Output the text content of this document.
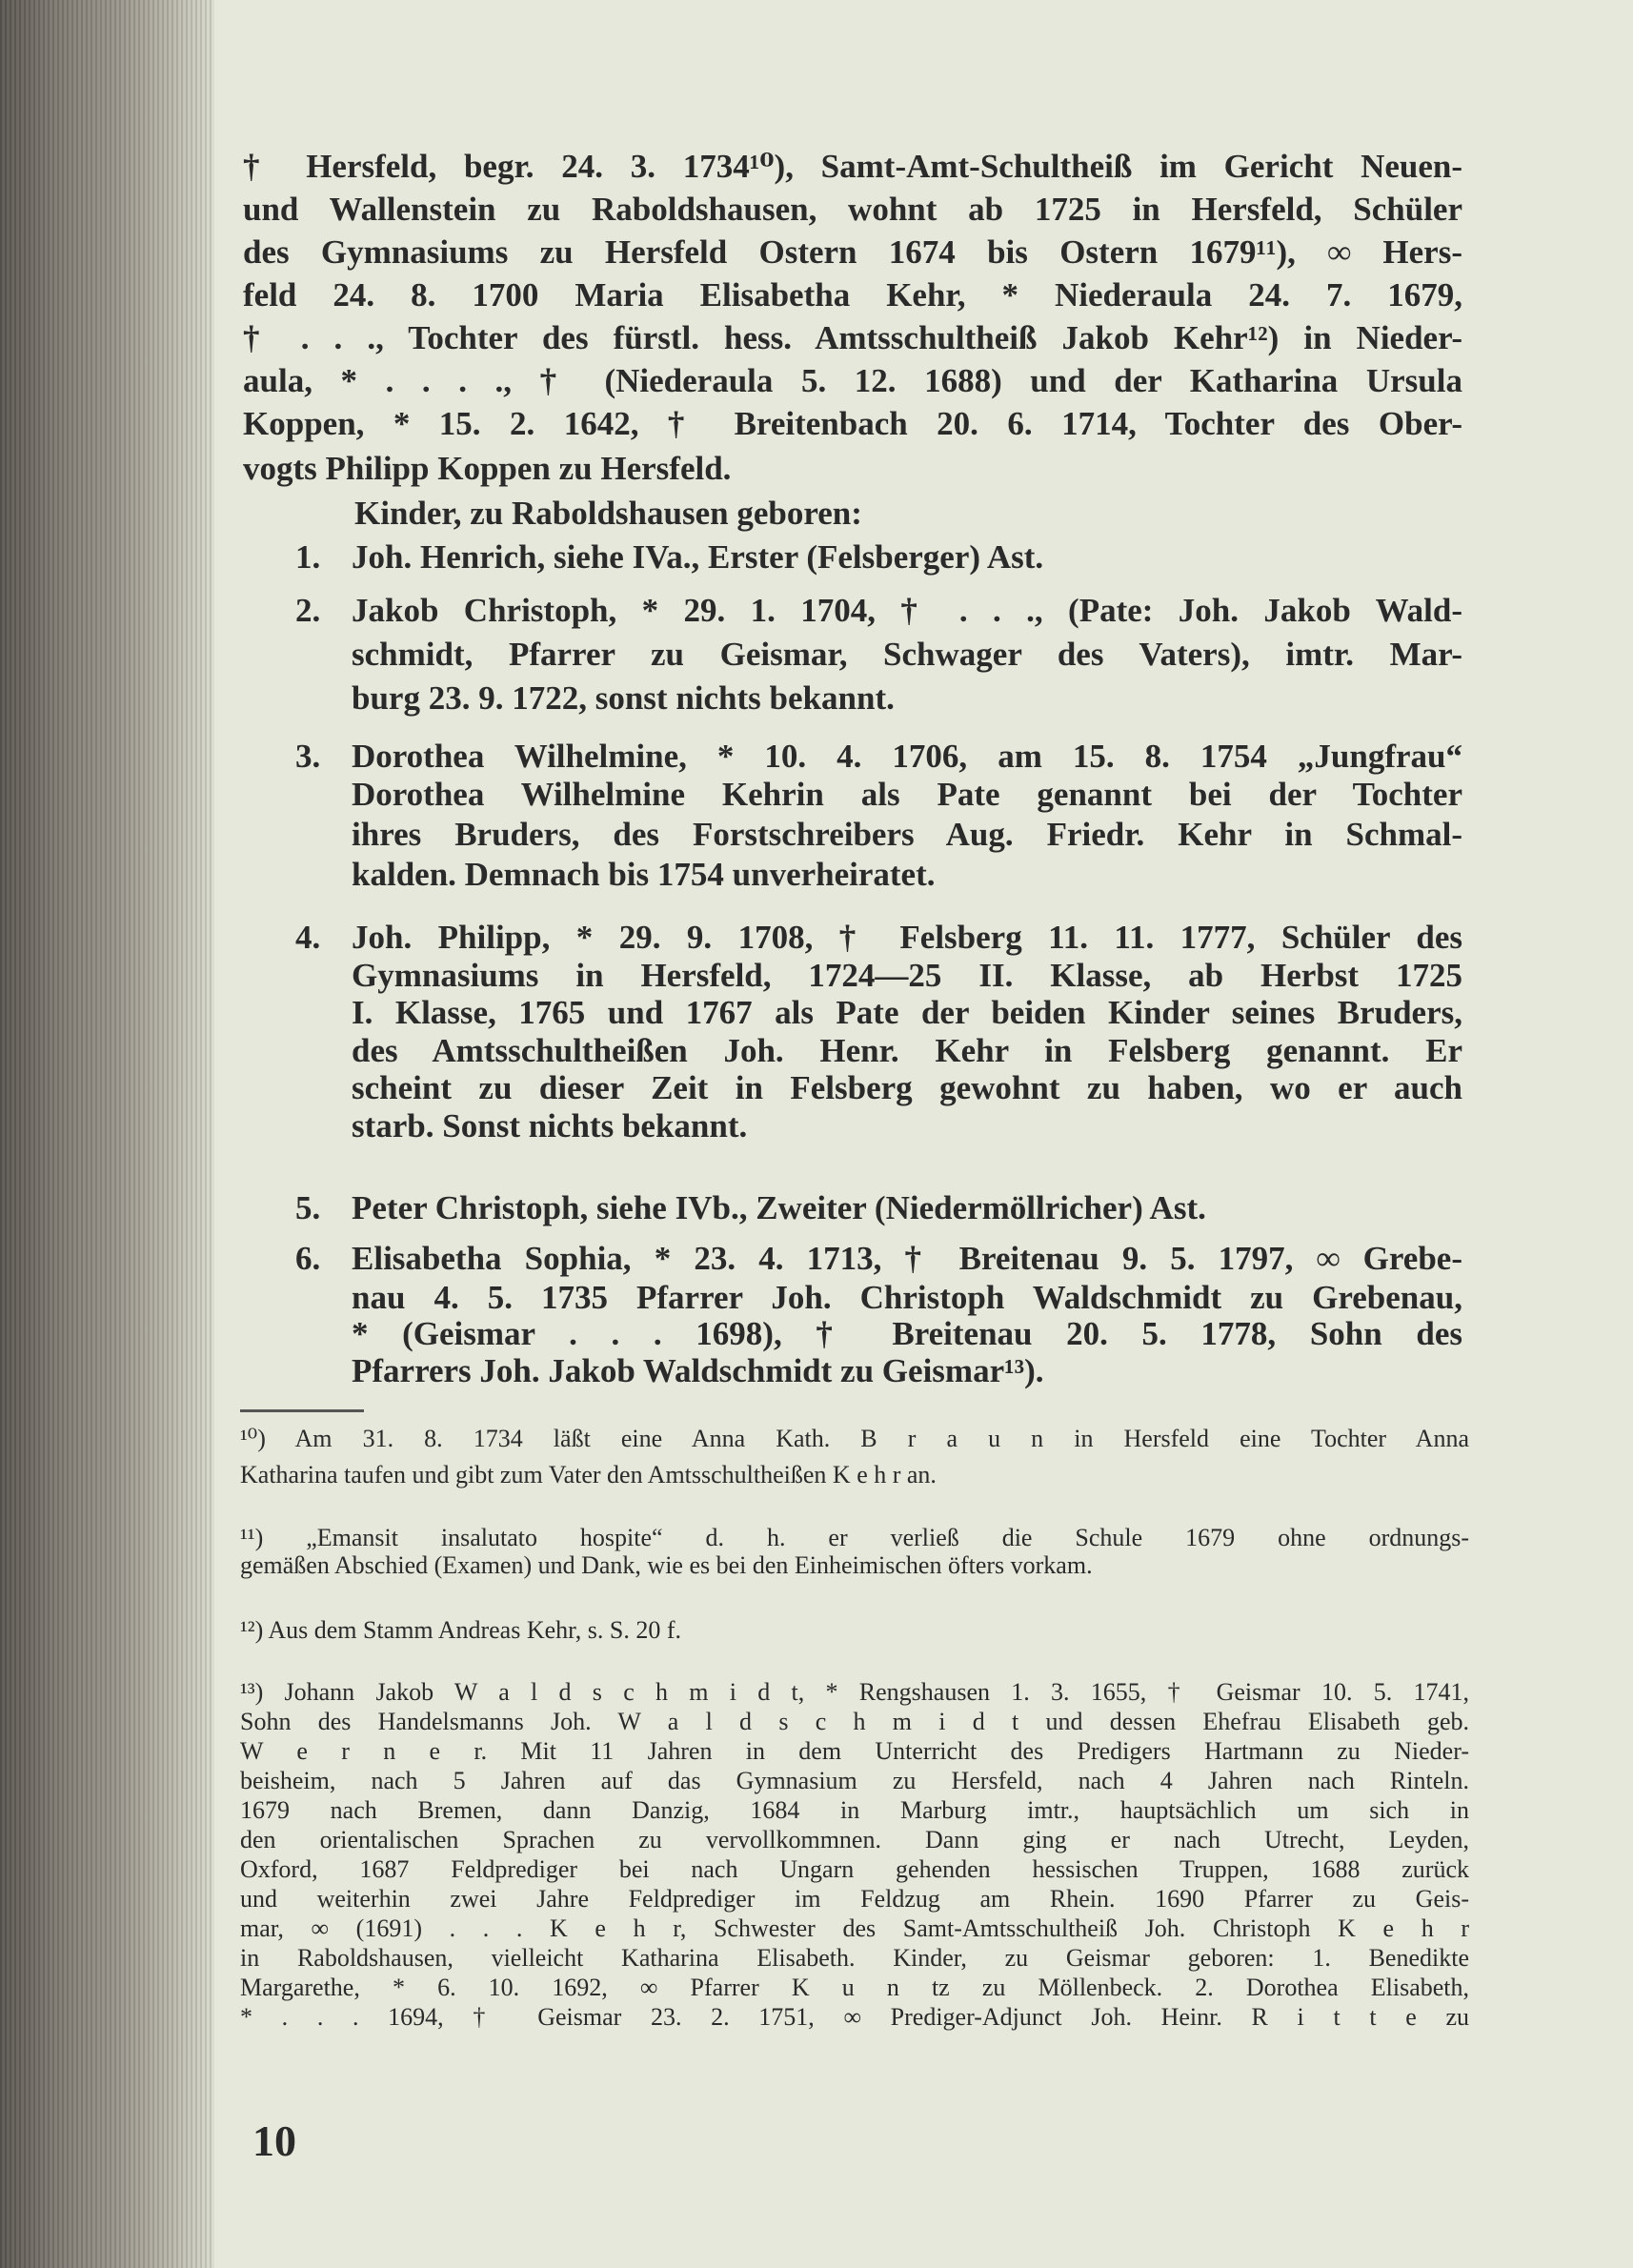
† Hersfeld, begr. 24. 3. 1734¹⁰), Samt-Amt-Schultheiß im Gericht Neuen-
und Wallenstein zu Raboldshausen, wohnt ab 1725 in Hersfeld, Schüler
des Gymnasiums zu Hersfeld Ostern 1674 bis Ostern 1679¹¹), ∞ Hers-
feld 24. 8. 1700 Maria Elisabetha Kehr, * Niederaula 24. 7. 1679,
† . . ., Tochter des fürstl. hess. Amtsschultheiß Jakob Kehr¹²) in Nieder-
aula, * . . . ., † (Niederaula 5. 12. 1688) und der Katharina Ursula
Koppen, * 15. 2. 1642, † Breitenbach 20. 6. 1714, Tochter des Ober-
vogts Philipp Koppen zu Hersfeld.
Kinder, zu Raboldshausen geboren:
1. Joh. Henrich, siehe IVa., Erster (Felsberger) Ast.
2. Jakob Christoph, * 29. 1. 1704, † . . ., (Pate: Joh. Jakob Wald-
schmidt, Pfarrer zu Geismar, Schwager des Vaters), imtr. Mar-
burg 23. 9. 1722, sonst nichts bekannt.
3. Dorothea Wilhelmine, * 10. 4. 1706, am 15. 8. 1754 „Jungfrau“
Dorothea Wilhelmine Kehrin als Pate genannt bei der Tochter
ihres Bruders, des Forstschreibers Aug. Friedr. Kehr in Schmal-
kalden. Demnach bis 1754 unverheiratet.
4. Joh. Philipp, * 29. 9. 1708, † Felsberg 11. 11. 1777, Schüler des
Gymnasiums in Hersfeld, 1724—25 II. Klasse, ab Herbst 1725
I. Klasse, 1765 und 1767 als Pate der beiden Kinder seines Bruders,
des Amtsschultheißen Joh. Henr. Kehr in Felsberg genannt. Er
scheint zu dieser Zeit in Felsberg gewohnt zu haben, wo er auch
starb. Sonst nichts bekannt.
5. Peter Christoph, siehe IVb., Zweiter (Niedermöllricher) Ast.
6. Elisabetha Sophia, * 23. 4. 1713, † Breitenau 9. 5. 1797, ∞ Grebe-
nau 4. 5. 1735 Pfarrer Joh. Christoph Waldschmidt zu Grebenau,
* (Geismar . . . 1698), † Breitenau 20. 5. 1778, Sohn des
Pfarrers Joh. Jakob Waldschmidt zu Geismar¹³).
¹⁰) Am 31. 8. 1734 läßt eine Anna Kath. B r a u n in Hersfeld eine Tochter Anna
Katharina taufen und gibt zum Vater den Amtsschultheißen K e h r an.
¹¹) „Emansit insalutato hospite“ d. h. er verließ die Schule 1679 ohne ordnungs-
gemäßen Abschied (Examen) und Dank, wie es bei den Einheimischen öfters vorkam.
¹²) Aus dem Stamm Andreas Kehr, s. S. 20 f.
¹³) Johann Jakob W a l d s c h m i d t, * Rengshausen 1. 3. 1655, † Geismar 10. 5. 1741,
Sohn des Handelsmanns Joh. W a l d s c h m i d t und dessen Ehefrau Elisabeth geb.
W e r n e r. Mit 11 Jahren in dem Unterricht des Predigers Hartmann zu Nieder-
beisheim, nach 5 Jahren auf das Gymnasium zu Hersfeld, nach 4 Jahren nach Rinteln.
1679 nach Bremen, dann Danzig, 1684 in Marburg imtr., hauptsächlich um sich in
den orientalischen Sprachen zu vervollkommnen. Dann ging er nach Utrecht, Leyden,
Oxford, 1687 Feldprediger bei nach Ungarn gehenden hessischen Truppen, 1688 zurück
und weiterhin zwei Jahre Feldprediger im Feldzug am Rhein. 1690 Pfarrer zu Geis-
mar, ∞ (1691) . . . K e h r, Schwester des Samt-Amtsschultheiß Joh. Christoph K e h r
in Raboldshausen, vielleicht Katharina Elisabeth. Kinder, zu Geismar geboren: 1. Benedikte
Margarethe, * 6. 10. 1692, ∞ Pfarrer K u n tz zu Möllenbeck. 2. Dorothea Elisabeth,
* . . . 1694, † Geismar 23. 2. 1751, ∞ Prediger-Adjunct Joh. Heinr. R i t t e zu
10
